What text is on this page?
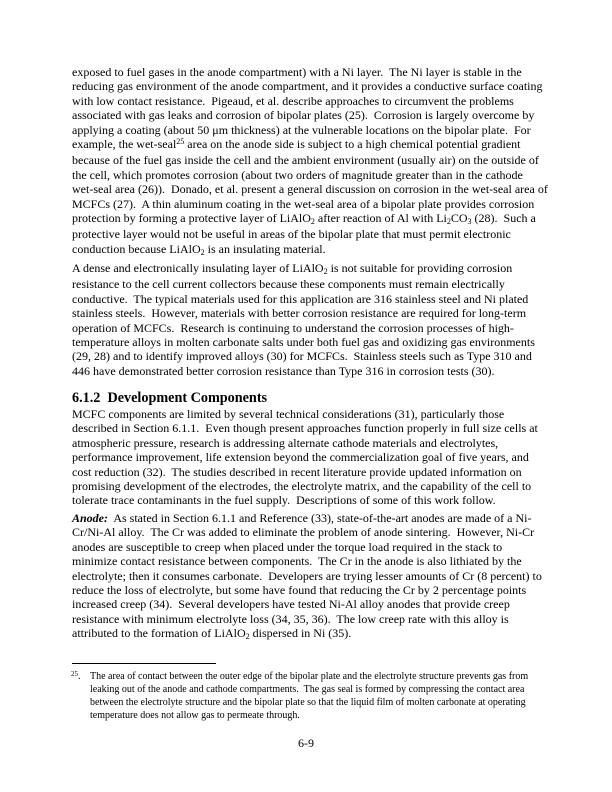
exposed to fuel gases in the anode compartment) with a Ni layer.  The Ni layer is stable in the
reducing gas environment of the anode compartment, and it provides a conductive surface coating
with low contact resistance.  Pigeaud, et al. describe approaches to circumvent the problems
associated with gas leaks and corrosion of bipolar plates (25).  Corrosion is largely overcome by
applying a coating (about 50 μm thickness) at the vulnerable locations on the bipolar plate.  For
example, the wet-seal$^{25}$ area on the anode side is subject to a high chemical potential gradient
because of the fuel gas inside the cell and the ambient environment (usually air) on the outside of
the cell, which promotes corrosion (about two orders of magnitude greater than in the cathode
wet-seal area (26)).  Donado, et al. present a general discussion on corrosion in the wet-seal area of
MCFCs (27).  A thin aluminum coating in the wet-seal area of a bipolar plate provides corrosion
protection by forming a protective layer of LiAlO2 after reaction of Al with Li2CO3 (28).  Such a
protective layer would not be useful in areas of the bipolar plate that must permit electronic
conduction because LiAlO2 is an insulating material.
A dense and electronically insulating layer of LiAlO2 is not suitable for providing corrosion
resistance to the cell current collectors because these components must remain electrically
conductive.  The typical materials used for this application are 316 stainless steel and Ni plated
stainless steels.  However, materials with better corrosion resistance are required for long-term
operation of MCFCs.  Research is continuing to understand the corrosion processes of high-
temperature alloys in molten carbonate salts under both fuel gas and oxidizing gas environments
(29, 28) and to identify improved alloys (30) for MCFCs.  Stainless steels such as Type 310 and
446 have demonstrated better corrosion resistance than Type 316 in corrosion tests (30).
6.1.2  Development Components
MCFC components are limited by several technical considerations (31), particularly those
described in Section 6.1.1.  Even though present approaches function properly in full size cells at
atmospheric pressure, research is addressing alternate cathode materials and electrolytes,
performance improvement, life extension beyond the commercialization goal of five years, and
cost reduction (32).  The studies described in recent literature provide updated information on
promising development of the electrodes, the electrolyte matrix, and the capability of the cell to
tolerate trace contaminants in the fuel supply.  Descriptions of some of this work follow.
Anode:  As stated in Section 6.1.1 and Reference (33), state-of-the-art anodes are made of a Ni-
Cr/Ni-Al alloy.  The Cr was added to eliminate the problem of anode sintering.  However, Ni-Cr
anodes are susceptible to creep when placed under the torque load required in the stack to
minimize contact resistance between components.  The Cr in the anode is also lithiated by the
electrolyte; then it consumes carbonate.  Developers are trying lesser amounts of Cr (8 percent) to
reduce the loss of electrolyte, but some have found that reducing the Cr by 2 percentage points
increased creep (34).  Several developers have tested Ni-Al alloy anodes that provide creep
resistance with minimum electrolyte loss (34, 35, 36).  The low creep rate with this alloy is
attributed to the formation of LiAlO2 dispersed in Ni (35).
$^{25}$. The area of contact between the outer edge of the bipolar plate and the electrolyte structure prevents gas from
leaking out of the anode and cathode compartments.  The gas seal is formed by compressing the contact area
between the electrolyte structure and the bipolar plate so that the liquid film of molten carbonate at operating
temperature does not allow gas to permeate through.
6-9
